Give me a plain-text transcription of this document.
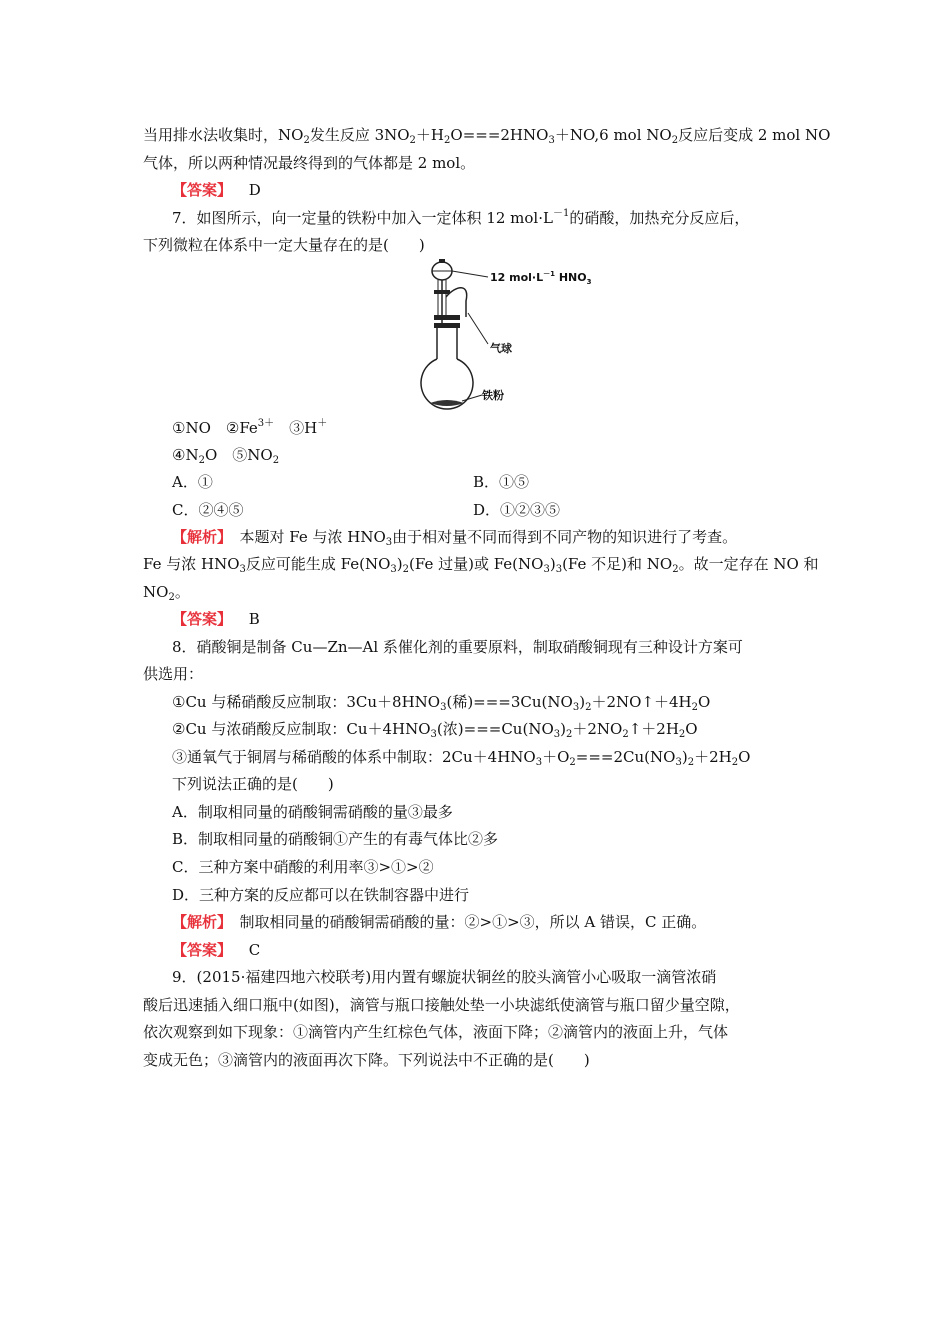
当用排水法收集时，$NO_2$发生反应 $3NO_2+H_2O===2HNO_3+NO,6$ mol $NO_2$反应后变成 2 mol NO
气体，所以两种情况最终得到的气体都是 2 mol。
【答案】 D
7．如图所示，向一定量的铁粉中加入一定体积 12 $mol\cdot L^{-1}$的硝酸，加热充分反应后，
下列微粒在体系中一定大量存在的是(　　)
12 $mol\cdot L^{-1}$ $HNO_3$
气球
铁粉
①NO　$②Fe^{3+}$　③H＋
$④N_2O$　$⑤NO_2$
A．①	B．①⑤
C．②④⑤	D．①②③⑤
【解析】　本题对 Fe 与浓 $HNO_3$由于相对量不同而得到不同产物的知识进行了考查。
Fe 与浓 $HNO_3$反应可能生成 $Fe(NO_3)_2(Fe$ 过量)或 $Fe(NO_3)_3(Fe$ 不足)和 $NO_2$。故一定存在 NO 和
$NO_2$。
【答案】 B
8．硝酸铜是制备 Cu—Zn—Al 系催化剂的重要原料，制取硝酸铜现有三种设计方案可
供选用：
①Cu 与稀硝酸反应制取：$3Cu+8HNO_3$(稀)$===3Cu(NO_3)_2+2NO↑+4H_2O$
②Cu 与浓硝酸反应制取：$Cu+4HNO_3$(浓)$===Cu(NO_3)_2+2NO_2↑+2H_2O$
③通氧气于铜屑与稀硝酸的体系中制取：$2Cu+4HNO_3+O_2===2Cu(NO_3)_2+2H_2O$
下列说法正确的是(　　)
A．制取相同量的硝酸铜需硝酸的量③最多
B．制取相同量的硝酸铜①产生的有毒气体比②多
C．三种方案中硝酸的利用率③>①>②
D．三种方案的反应都可以在铁制容器中进行
【解析】　制取相同量的硝酸铜需硝酸的量：②>①>③，所以 A 错误，C 正确。
【答案】 C
9．(2015·福建四地六校联考)用内置有螺旋状铜丝的胶头滴管小心吸取一滴管浓硝
酸后迅速插入细口瓶中(如图)，滴管与瓶口接触处垫一小块滤纸使滴管与瓶口留少量空隙，
依次观察到如下现象：①滴管内产生红棕色气体，液面下降；②滴管内的液面上升，气体
变成无色；③滴管内的液面再次下降。下列说法中不正确的是(　　)
